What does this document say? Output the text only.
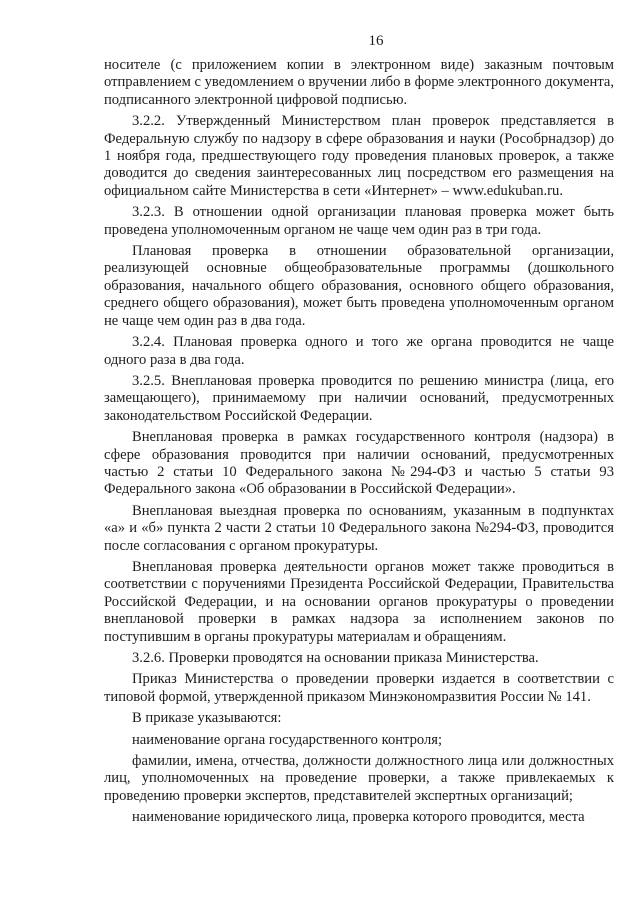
16

носителе (с приложением копии в электронном виде) заказным почтовым отправлением с уведомлением о вручении либо в форме электронного документа, подписанного электронной цифровой подписью.

3.2.2. Утвержденный Министерством план проверок представляется в Федеральную службу по надзору в сфере образования и науки (Рособрнадзор) до 1 ноября года, предшествующего году проведения плановых проверок, а также доводится до сведения заинтересованных лиц посредством его размещения на официальном сайте Министерства в сети «Интернет» – www.edukuban.ru.

3.2.3. В отношении одной организации плановая проверка может быть проведена уполномоченным органом не чаще чем один раз в три года.

Плановая проверка в отношении образовательной организации, реализующей основные общеобразовательные программы (дошкольного образования, начального общего образования, основного общего образования, среднего общего образования), может быть проведена уполномоченным органом не чаще чем один раз в два года.

3.2.4. Плановая проверка одного и того же органа проводится не чаще одного раза в два года.

3.2.5. Внеплановая проверка проводится по решению министра (лица, его замещающего), принимаемому при наличии оснований, предусмотренных законодательством Российской Федерации.

Внеплановая проверка в рамках государственного контроля (надзора) в сфере образования проводится при наличии оснований, предусмотренных частью 2 статьи 10 Федерального закона №294-ФЗ и частью 5 статьи 93 Федерального закона «Об образовании в Российской Федерации».

Внеплановая выездная проверка по основаниям, указанным в подпунктах «а» и «б» пункта 2 части 2 статьи 10 Федерального закона №294-ФЗ, проводится после согласования с органом прокуратуры.

Внеплановая проверка деятельности органов может также проводиться в соответствии с поручениями Президента Российской Федерации, Правительства Российской Федерации, и на основании органов прокуратуры о проведении внеплановой проверки в рамках надзора за исполнением законов по поступившим в органы прокуратуры материалам и обращениям.

3.2.6. Проверки проводятся на основании приказа Министерства.

Приказ Министерства о проведении проверки издается в соответствии с типовой формой, утвержденной приказом Минэкономразвития России № 141.

В приказе указываются:

наименование органа государственного контроля;

фамилии, имена, отчества, должности должностного лица или должностных лиц, уполномоченных на проведение проверки, а также привлекаемых к проведению проверки экспертов, представителей экспертных организаций;

наименование юридического лица, проверка которого проводится, места
